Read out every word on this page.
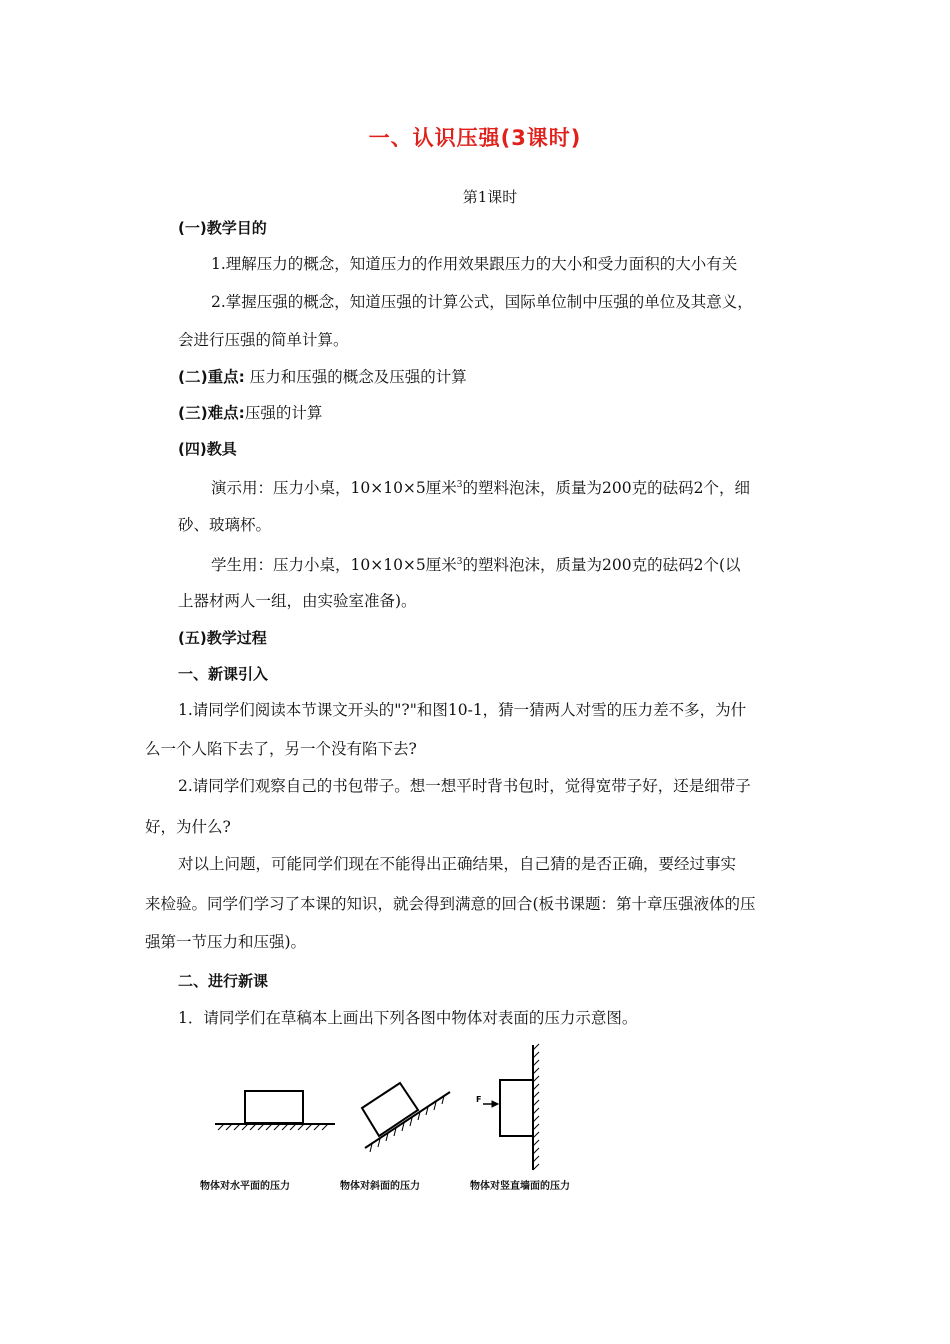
一、认识压强(3课时)
第1课时
(一)教学目的
1.理解压力的概念，知道压力的作用效果跟压力的大小和受力面积的大小有关
2.掌握压强的概念，知道压强的计算公式，国际单位制中压强的单位及其意义，
会进行压强的简单计算。
(二)重点: 压力和压强的概念及压强的计算
(三)难点:压强的计算
(四)教具
演示用：压力小桌，10×10×5厘米$^3$的塑料泡沫，质量为200克的砝码2个，细
砂、玻璃杯。
学生用：压力小桌，10×10×5厘米$^3$的塑料泡沫，质量为200克的砝码2个(以
上器材两人一组，由实验室准备)。
(五)教学过程
一、新课引入
1.请同学们阅读本节课文开头的"?"和图10-1，猜一猜两人对雪的压力差不多，为什
么一个人陷下去了，另一个没有陷下去?
2.请同学们观察自己的书包带子。想一想平时背书包时，觉得宽带子好，还是细带子
好，为什么?
对以上问题，可能同学们现在不能得出正确结果，自己猜的是否正确，要经过事实
来检验。同学们学习了本课的知识，就会得到满意的回合(板书课题：第十章压强液体的压
强第一节压力和压强)。
二、进行新课
1．请同学们在草稿本上画出下列各图中物体对表面的压力示意图。
F
物体对水平面的压力	物体对斜面的压力	物体对竖直墙面的压力
